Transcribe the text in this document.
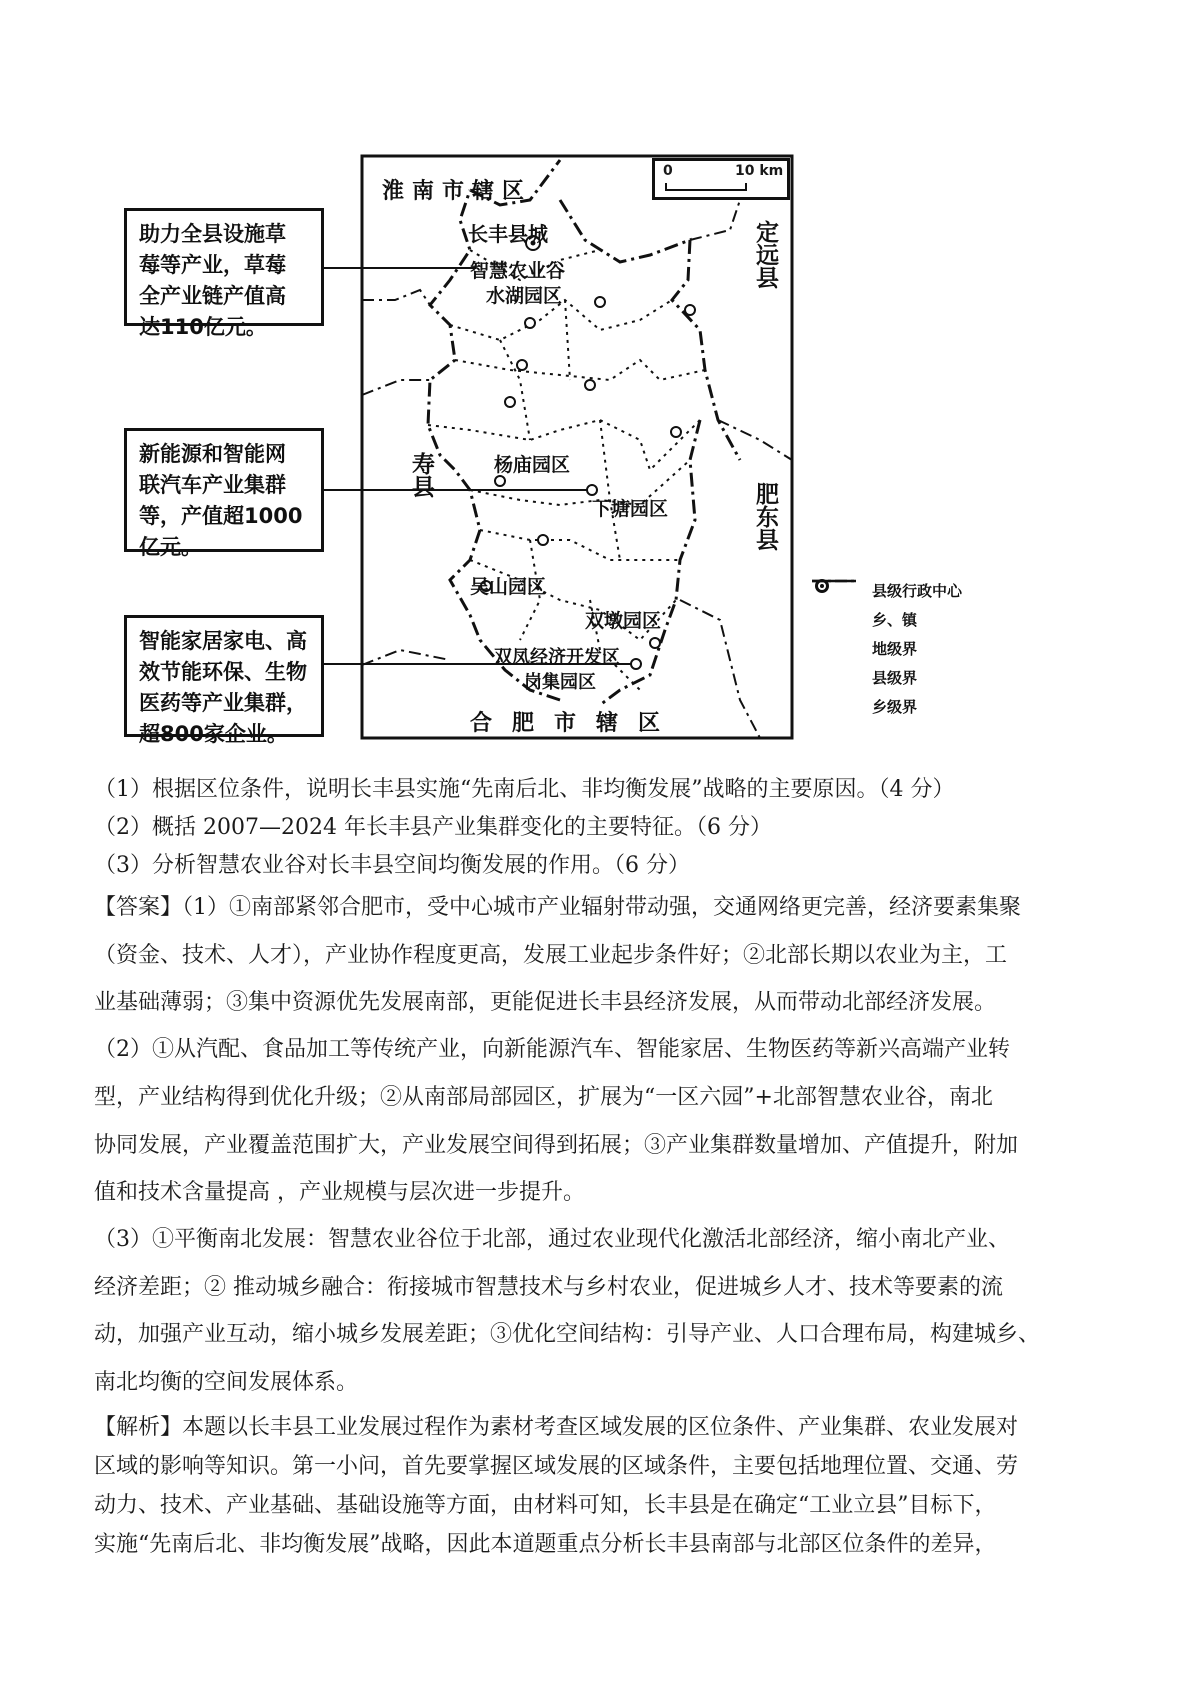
助力全县设施草
莓等产业，草莓
全产业链产值高
达110亿元。
新能源和智能网
联汽车产业集群
等，产值超1000
亿元。
智能家居家电、高
效节能环保、生物
医药等产业集群，
超800家企业。
淮南市辖区
合肥市辖区
寿县
定远县
肥东县
长丰县城
智慧农业谷
水湖园区
杨庙园区
下塘园区
吴山园区
双墩园区
双凤经济开发区
岗集园区
0	10 km
县级行政中心
乡、镇
地级界
县级界
乡级界
（1）根据区位条件，说明长丰县实施“先南后北、非均衡发展”战略的主要原因。（4 分）
（2）概括 2007—2024 年长丰县产业集群变化的主要特征。（6 分）
（3）分析智慧农业谷对长丰县空间均衡发展的作用。（6 分）
【答案】（1）①南部紧邻合肥市，受中心城市产业辐射带动强，交通网络更完善，经济要素集聚
（资金、技术、人才），产业协作程度更高，发展工业起步条件好；②北部长期以农业为主，工
业基础薄弱；③集中资源优先发展南部，更能促进长丰县经济发展，从而带动北部经济发展。
（2）①从汽配、食品加工等传统产业，向新能源汽车、智能家居、生物医药等新兴高端产业转
型，产业结构得到优化升级；②从南部局部园区，扩展为“一区六园”+北部智慧农业谷，南北
协同发展，产业覆盖范围扩大，产业发展空间得到拓展；③产业集群数量增加、产值提升，附加
值和技术含量提高 ，产业规模与层次进一步提升。
（3）①平衡南北发展：智慧农业谷位于北部，通过农业现代化激活北部经济，缩小南北产业、
经济差距；② 推动城乡融合：衔接城市智慧技术与乡村农业，促进城乡人才、技术等要素的流
动，加强产业互动，缩小城乡发展差距；③优化空间结构：引导产业、人口合理布局，构建城乡、
南北均衡的空间发展体系。
【解析】本题以长丰县工业发展过程作为素材考查区域发展的区位条件、产业集群、农业发展对
区域的影响等知识。第一小问，首先要掌握区域发展的区域条件，主要包括地理位置、交通、劳
动力、技术、产业基础、基础设施等方面，由材料可知，长丰县是在确定“工业立县”目标下，
实施“先南后北、非均衡发展”战略，因此本道题重点分析长丰县南部与北部区位条件的差异，
